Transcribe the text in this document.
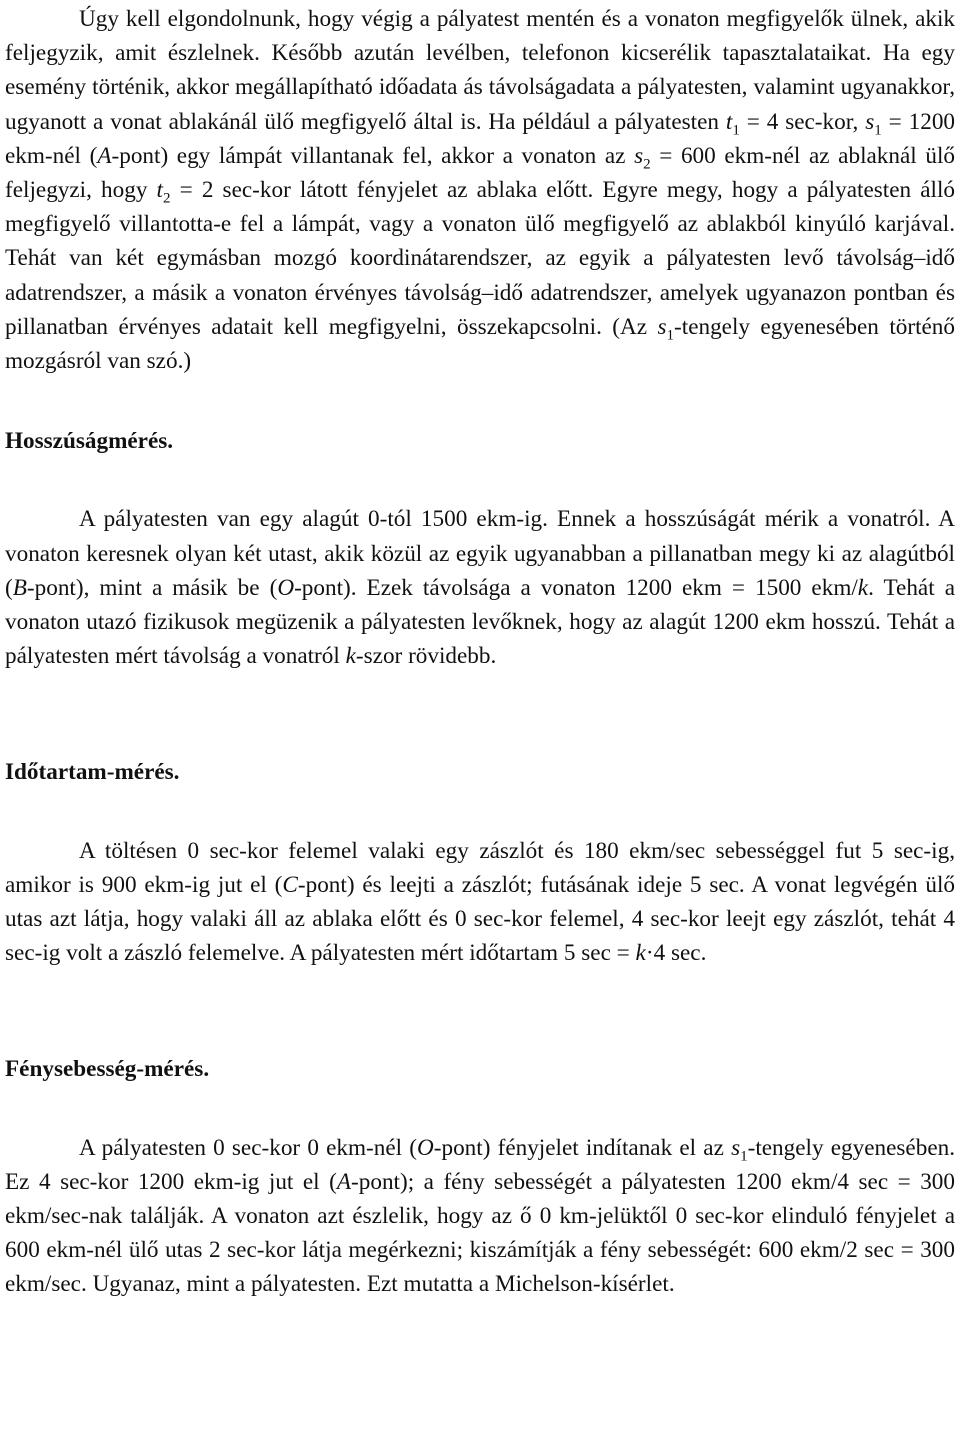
Úgy kell elgondolnunk, hogy végig a pályatest mentén és a vonaton megfigyelők ülnek, akik feljegyzik, amit észlelnek. Később azután levélben, telefonon kicserélik tapasztalataikat. Ha egy esemény történik, akkor megállapítható időadata ás távolságadata a pályatesten, valamint ugyanakkor, ugyanott a vonat ablakánál ülő megfigyelő által is. Ha például a pályatesten $t_1 = 4$ sec-kor, $s_1 = 1200$ ekm-nél (A-pont) egy lámpát villantanak fel, akkor a vonaton az $s_2 = 600$ ekm-nél az ablaknál ülő feljegyzi, hogy $t_2 = 2$ sec-kor látott fényjelet az ablaka előtt. Egyre megy, hogy a pályatesten álló megfigyelő villantotta-e fel a lámpát, vagy a vonaton ülő megfigyelő az ablakból kinyúló karjával. Tehát van két egymásban mozgó koordinátarendszer, az egyik a pályatesten levő távolság–idő adatrendszer, a másik a vonaton érvényes távolság–idő adatrendszer, amelyek ugyanazon pontban és pillanatban érvényes adatait kell megfigyelni, összekapcsolni. (Az $s_1$-tengely egyenesében történő mozgásról van szó.)

Hosszúságmérés.

A pályatesten van egy alagút 0-tól 1500 ekm-ig. Ennek a hosszúságát mérik a vonatról. A vonaton keresnek olyan két utast, akik közül az egyik ugyanabban a pillanatban megy ki az alagútból (B-pont), mint a másik be (O-pont). Ezek távolsága a vonaton 1200 ekm = 1500 ekm/k. Tehát a vonaton utazó fizikusok megüzenik a pályatesten levőknek, hogy az alagút 1200 ekm hosszú. Tehát a pályatesten mért távolság a vonatról k-szor rövidebb.

Időtartam-mérés.

A töltésen 0 sec-kor felemel valaki egy zászlót és 180 ekm/sec sebességgel fut 5 sec-ig, amikor is 900 ekm-ig jut el (C-pont) és leejti a zászlót; futásának ideje 5 sec. A vonat legvégén ülő utas azt látja, hogy valaki áll az ablaka előtt és 0 sec-kor felemel, 4 sec-kor leejt egy zászlót, tehát 4 sec-ig volt a zászló felemelve. A pályatesten mért időtartam 5 sec = k·4 sec.

Fénysebesség-mérés.

A pályatesten 0 sec-kor 0 ekm-nél (O-pont) fényjelet indítanak el az $s_1$-tengely egyenesében. Ez 4 sec-kor 1200 ekm-ig jut el (A-pont); a fény sebességét a pályatesten 1200 ekm/4 sec = 300 ekm/sec-nak találják. A vonaton azt észlelik, hogy az ő 0 km-jelüktől 0 sec-kor elinduló fényjelet a 600 ekm-nél ülő utas 2 sec-kor látja megérkezni; kiszámítják a fény sebességét: 600 ekm/2 sec = 300 ekm/sec. Ugyanaz, mint a pályatesten. Ezt mutatta a Michelson-kísérlet.
